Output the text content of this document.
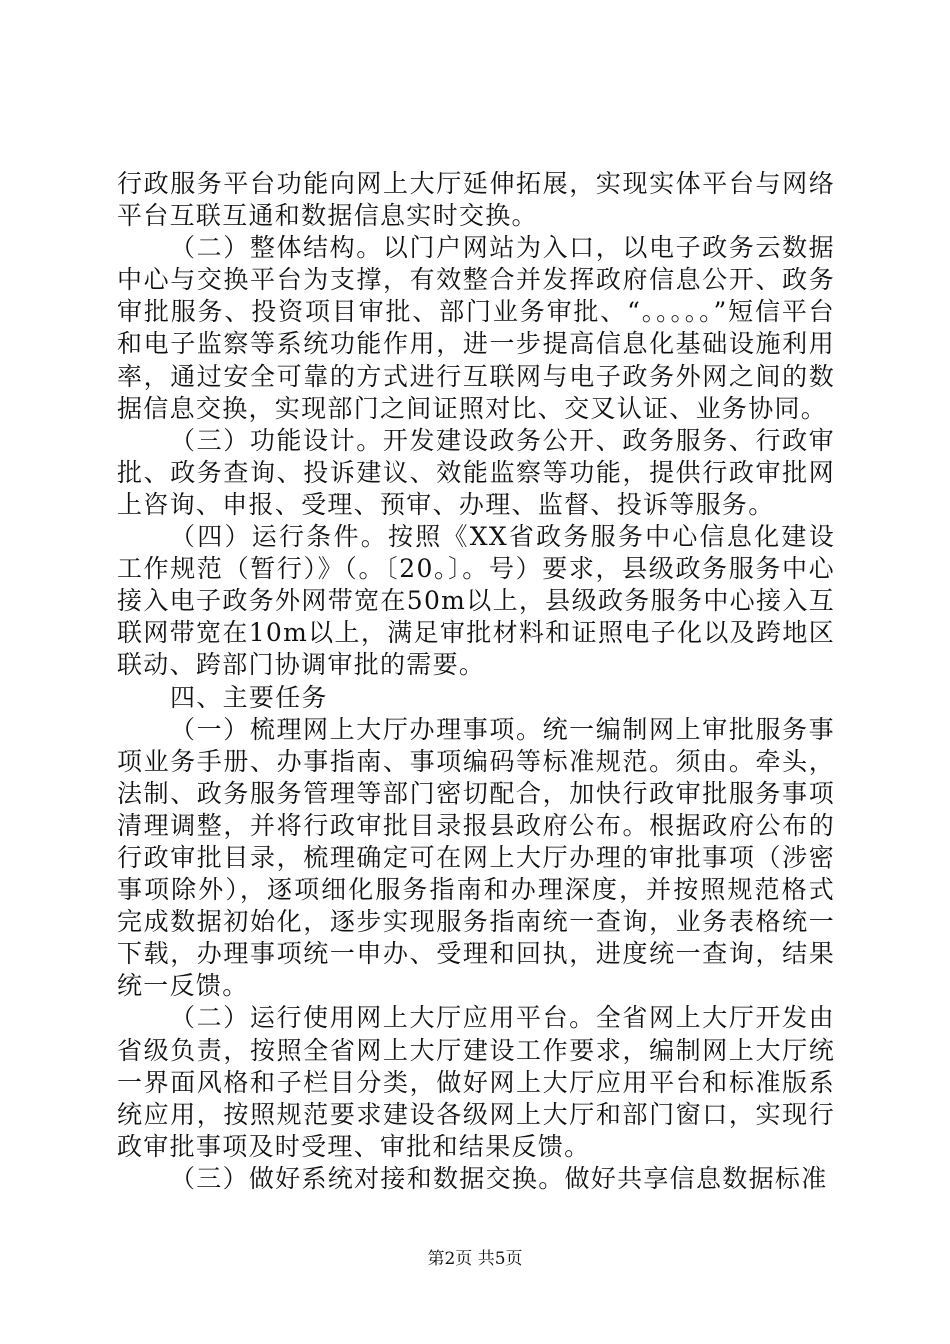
行政服务平台功能向网上大厅延伸拓展，实现实体平台与网络平台互联互通和数据信息实时交换。

（二）整体结构。以门户网站为入口，以电子政务云数据中心与交换平台为支撑，有效整合并发挥政府信息公开、政务审批服务、投资项目审批、部门业务审批、“。。。。。”短信平台和电子监察等系统功能作用，进一步提高信息化基础设施利用率，通过安全可靠的方式进行互联网与电子政务外网之间的数据信息交换，实现部门之间证照对比、交叉认证、业务协同。

（三）功能设计。开发建设政务公开、政务服务、行政审批、政务查询、投诉建议、效能监察等功能，提供行政审批网上咨询、申报、受理、预审、办理、监督、投诉等服务。

（四）运行条件。按照《XX省政务服务中心信息化建设工作规范（暂行）》（。〔20。〕。号）要求，县级政务服务中心接入电子政务外网带宽在50m以上，县级政务服务中心接入互联网带宽在10m以上，满足审批材料和证照电子化以及跨地区联动、跨部门协调审批的需要。

四、主要任务

（一）梳理网上大厅办理事项。统一编制网上审批服务事项业务手册、办事指南、事项编码等标准规范。须由。牵头，法制、政务服务管理等部门密切配合，加快行政审批服务事项清理调整，并将行政审批目录报县政府公布。根据政府公布的行政审批目录，梳理确定可在网上大厅办理的审批事项（涉密事项除外），逐项细化服务指南和办理深度，并按照规范格式完成数据初始化，逐步实现服务指南统一查询，业务表格统一下载，办理事项统一申办、受理和回执，进度统一查询，结果统一反馈。

（二）运行使用网上大厅应用平台。全省网上大厅开发由省级负责，按照全省网上大厅建设工作要求，编制网上大厅统一界面风格和子栏目分类，做好网上大厅应用平台和标准版系统应用，按照规范要求建设各级网上大厅和部门窗口，实现行政审批事项及时受理、审批和结果反馈。

（三）做好系统对接和数据交换。做好共享信息数据标准

第2页 共5页
